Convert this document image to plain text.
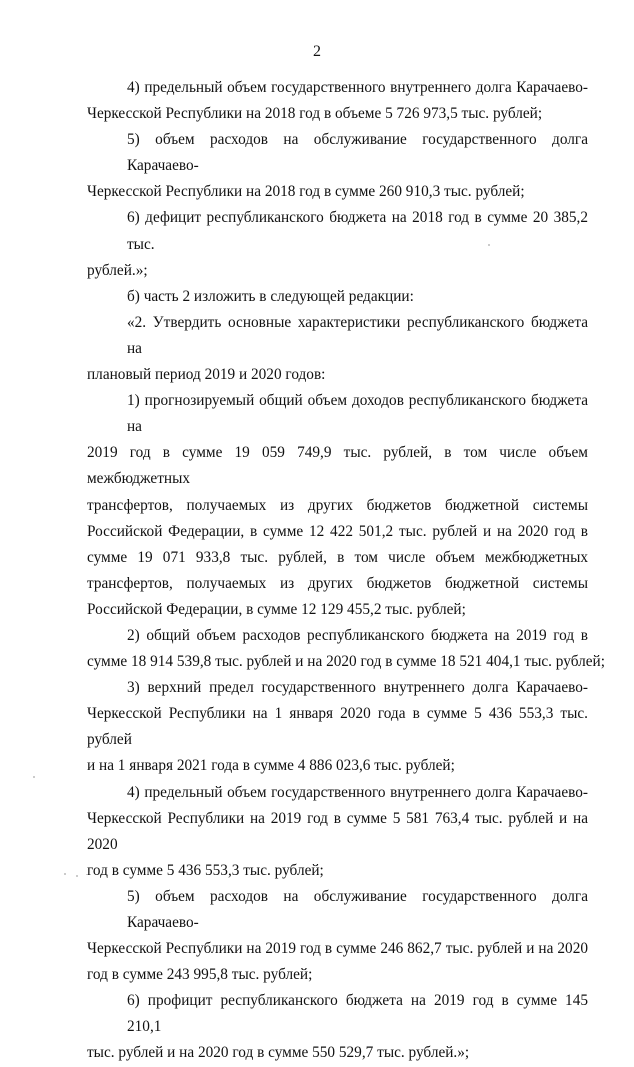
2
4) предельный объем государственного внутреннего долга Карачаево-
Черкесской Республики на 2018 год в объеме 5 726 973,5 тыс. рублей;
5) объем расходов на обслуживание государственного долга Карачаево-
Черкесской Республики на 2018 год в сумме 260 910,3 тыс. рублей;
6) дефицит республиканского бюджета на 2018 год в сумме 20 385,2 тыс.
рублей.»;
б) часть 2 изложить в следующей редакции:
«2. Утвердить основные характеристики республиканского бюджета на
плановый период 2019 и 2020 годов:
1) прогнозируемый общий объем доходов республиканского бюджета на
2019 год в сумме 19 059 749,9 тыс. рублей, в том числе объем межбюджетных
трансфертов, получаемых из других бюджетов бюджетной системы
Российской Федерации, в сумме 12 422 501,2 тыс. рублей и на 2020 год в
сумме 19 071 933,8 тыс. рублей, в том числе объем межбюджетных
трансфертов, получаемых из других бюджетов бюджетной системы
Российской Федерации, в сумме 12 129 455,2 тыс. рублей;
2) общий объем расходов республиканского бюджета на 2019 год в
сумме 18 914 539,8 тыс. рублей и на 2020 год в сумме 18 521 404,1 тыс. рублей;
3) верхний предел государственного внутреннего долга Карачаево-
Черкесской Республики на 1 января 2020 года в сумме 5 436 553,3 тыс. рублей
и на 1 января 2021 года в сумме 4 886 023,6 тыс. рублей;
4) предельный объем государственного внутреннего долга Карачаево-
Черкесской Республики на 2019 год в сумме 5 581 763,4 тыс. рублей и на 2020
год в сумме 5 436 553,3 тыс. рублей;
5) объем расходов на обслуживание государственного долга Карачаево-
Черкесской Республики на 2019 год в сумме 246 862,7 тыс. рублей и на 2020
год в сумме 243 995,8 тыс. рублей;
6) профицит республиканского бюджета на 2019 год в сумме 145 210,1
тыс. рублей и на 2020 год в сумме 550 529,7 тыс. рублей.»;
